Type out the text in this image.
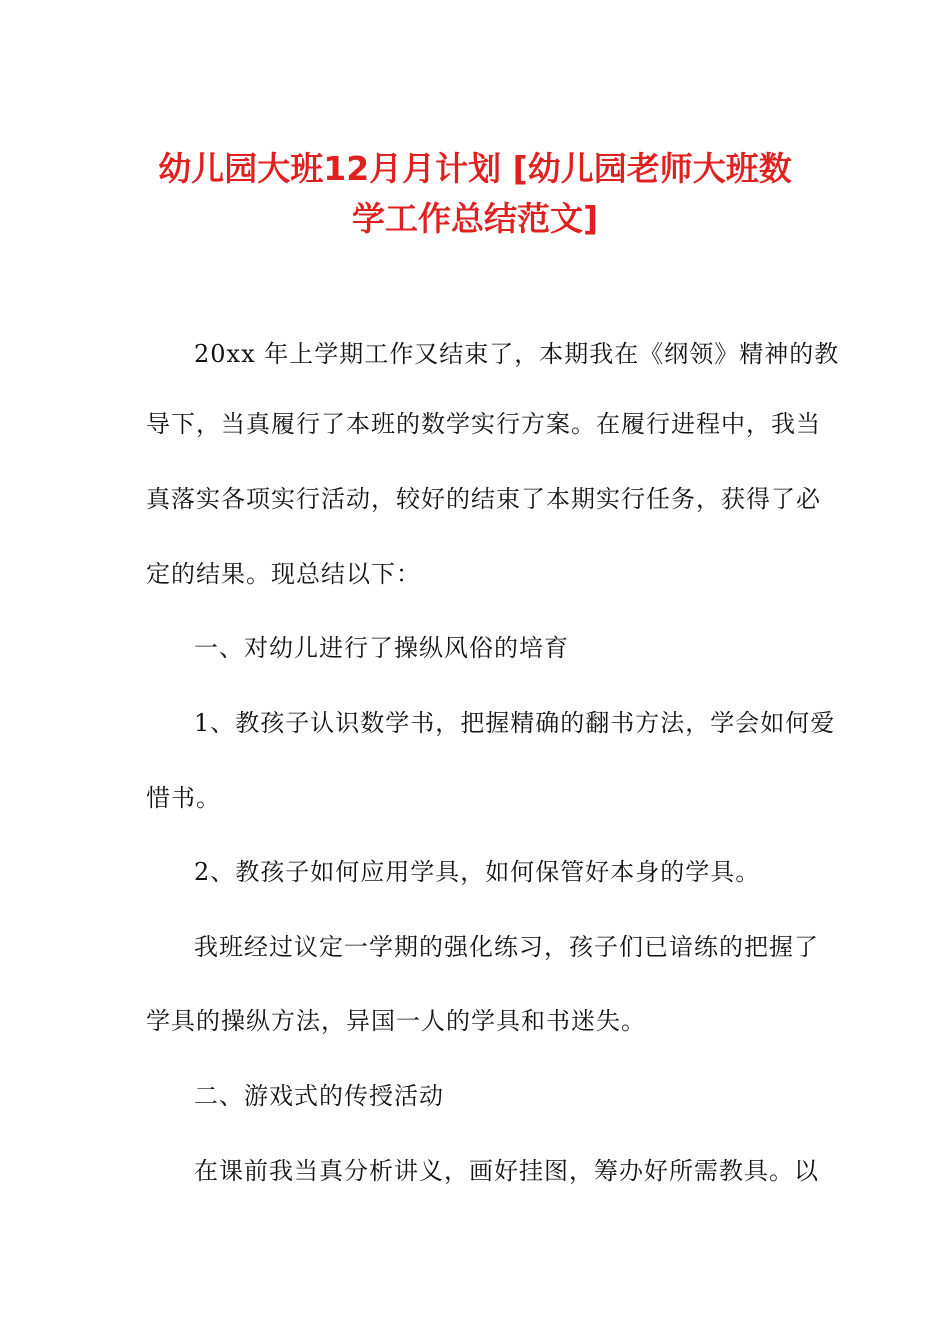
幼儿园大班12月月计划 [幼儿园老师大班数
学工作总结范文]

20xx 年上学期工作又结束了，本期我在《纲领》精神的教

导下，当真履行了本班的数学实行方案。在履行进程中，我当

真落实各项实行活动，较好的结束了本期实行任务，获得了必

定的结果。现总结以下：

一、对幼儿进行了操纵风俗的培育

1、教孩子认识数学书，把握精确的翻书方法，学会如何爱

惜书。

2、教孩子如何应用学具，如何保管好本身的学具。

我班经过议定一学期的强化练习，孩子们已谙练的把握了

学具的操纵方法，异国一人的学具和书迷失。

二、游戏式的传授活动

在课前我当真分析讲义，画好挂图，筹办好所需教具。以
